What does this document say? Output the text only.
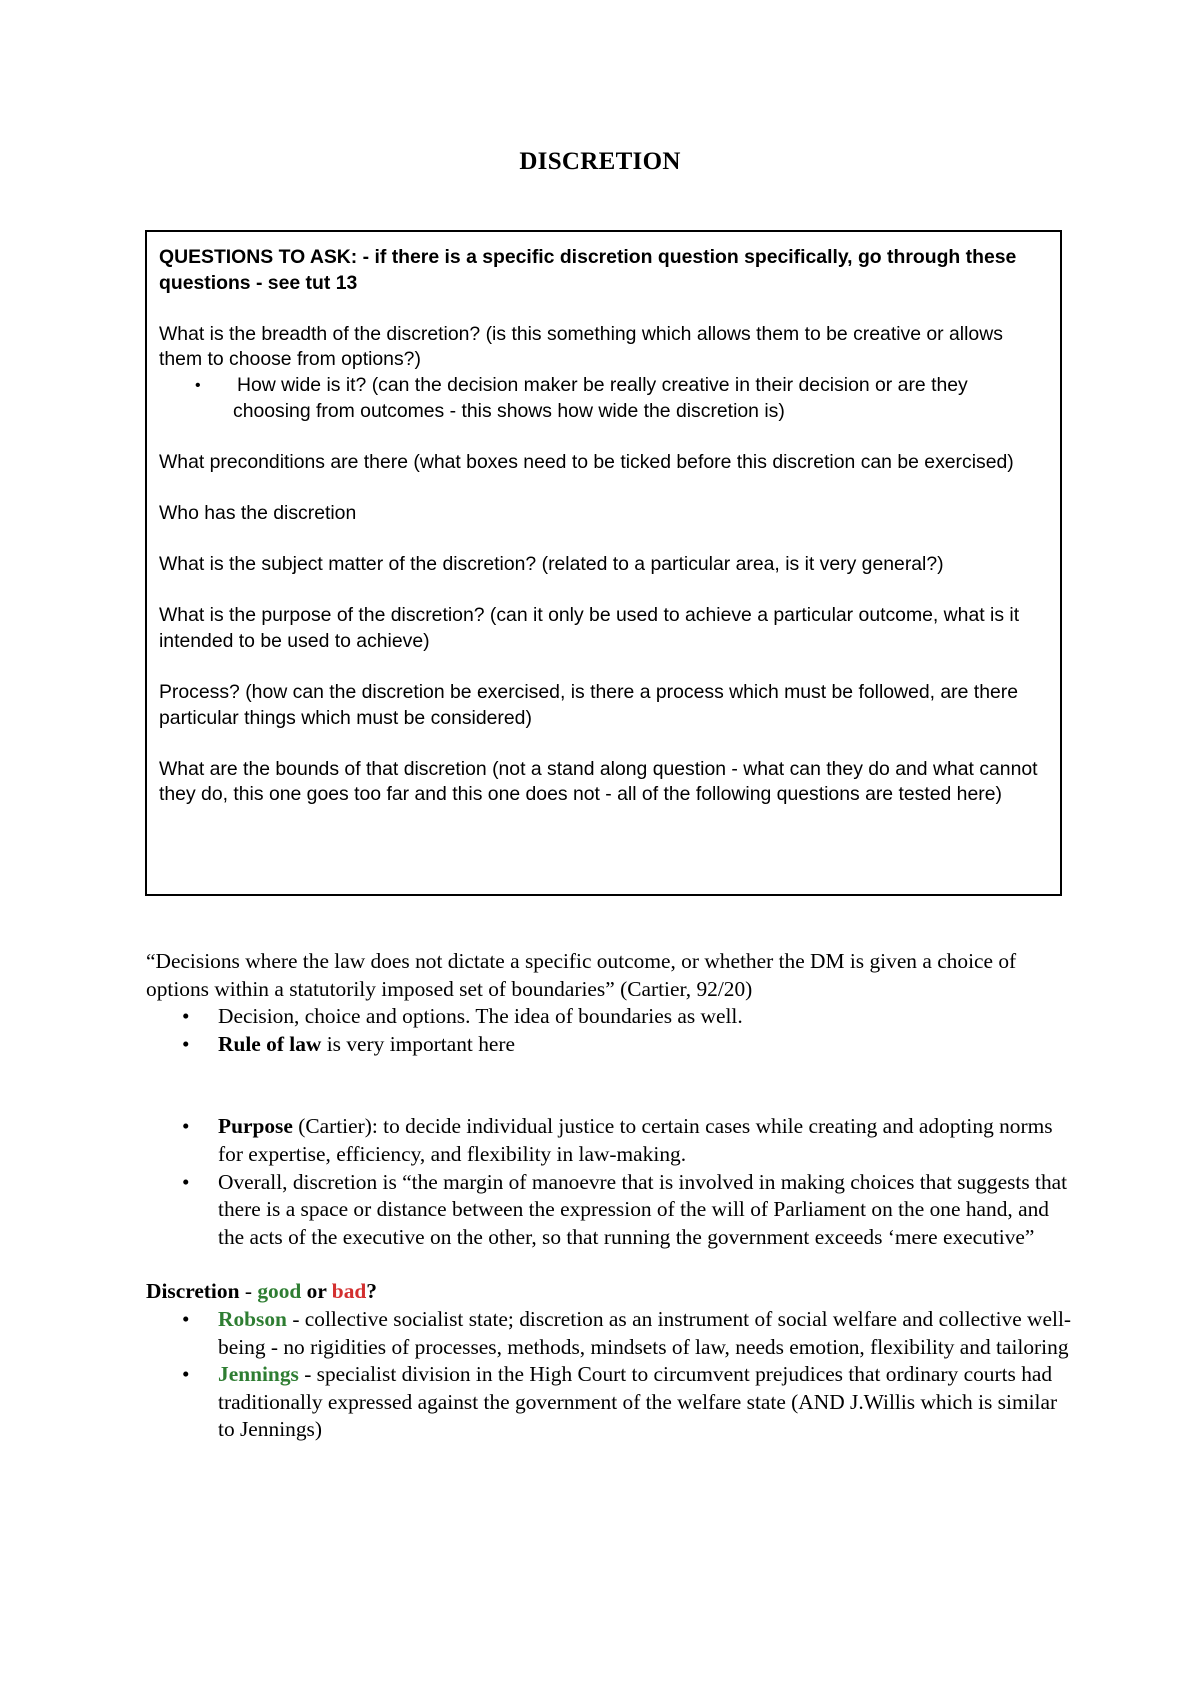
DISCRETION

QUESTIONS TO ASK: - if there is a specific discretion question specifically, go through these questions - see tut 13

What is the breadth of the discretion? (is this something which allows them to be creative or allows them to choose from options?)

• How wide is it? (can the decision maker be really creative in their decision or are they choosing from outcomes - this shows how wide the discretion is)

What preconditions are there (what boxes need to be ticked before this discretion can be exercised)

Who has the discretion

What is the subject matter of the discretion? (related to a particular area, is it very general?)

What is the purpose of the discretion? (can it only be used to achieve a particular outcome, what is it intended to be used to achieve)

Process? (how can the discretion be exercised, is there a process which must be followed, are there particular things which must be considered)

What are the bounds of that discretion (not a stand along question - what can they do and what cannot they do, this one goes too far and this one does not - all of the following questions are tested here)

“Decisions where the law does not dictate a specific outcome, or whether the DM is given a choice of options within a statutorily imposed set of boundaries” (Cartier, 92/20)

• Decision, choice and options. The idea of boundaries as well.
• Rule of law is very important here
• Purpose (Cartier): to decide individual justice to certain cases while creating and adopting norms for expertise, efficiency, and flexibility in law-making.
• Overall, discretion is “the margin of manoevre that is involved in making choices that suggests that there is a space or distance between the expression of the will of Parliament on the one hand, and the acts of the executive on the other, so that running the government exceeds ‘mere executive”

Discretion - good or bad?

• Robson - collective socialist state; discretion as an instrument of social welfare and collective well-being - no rigidities of processes, methods, mindsets of law, needs emotion, flexibility and tailoring
• Jennings - specialist division in the High Court to circumvent prejudices that ordinary courts had traditionally expressed against the government of the welfare state (AND J.Willis which is similar to Jennings)
